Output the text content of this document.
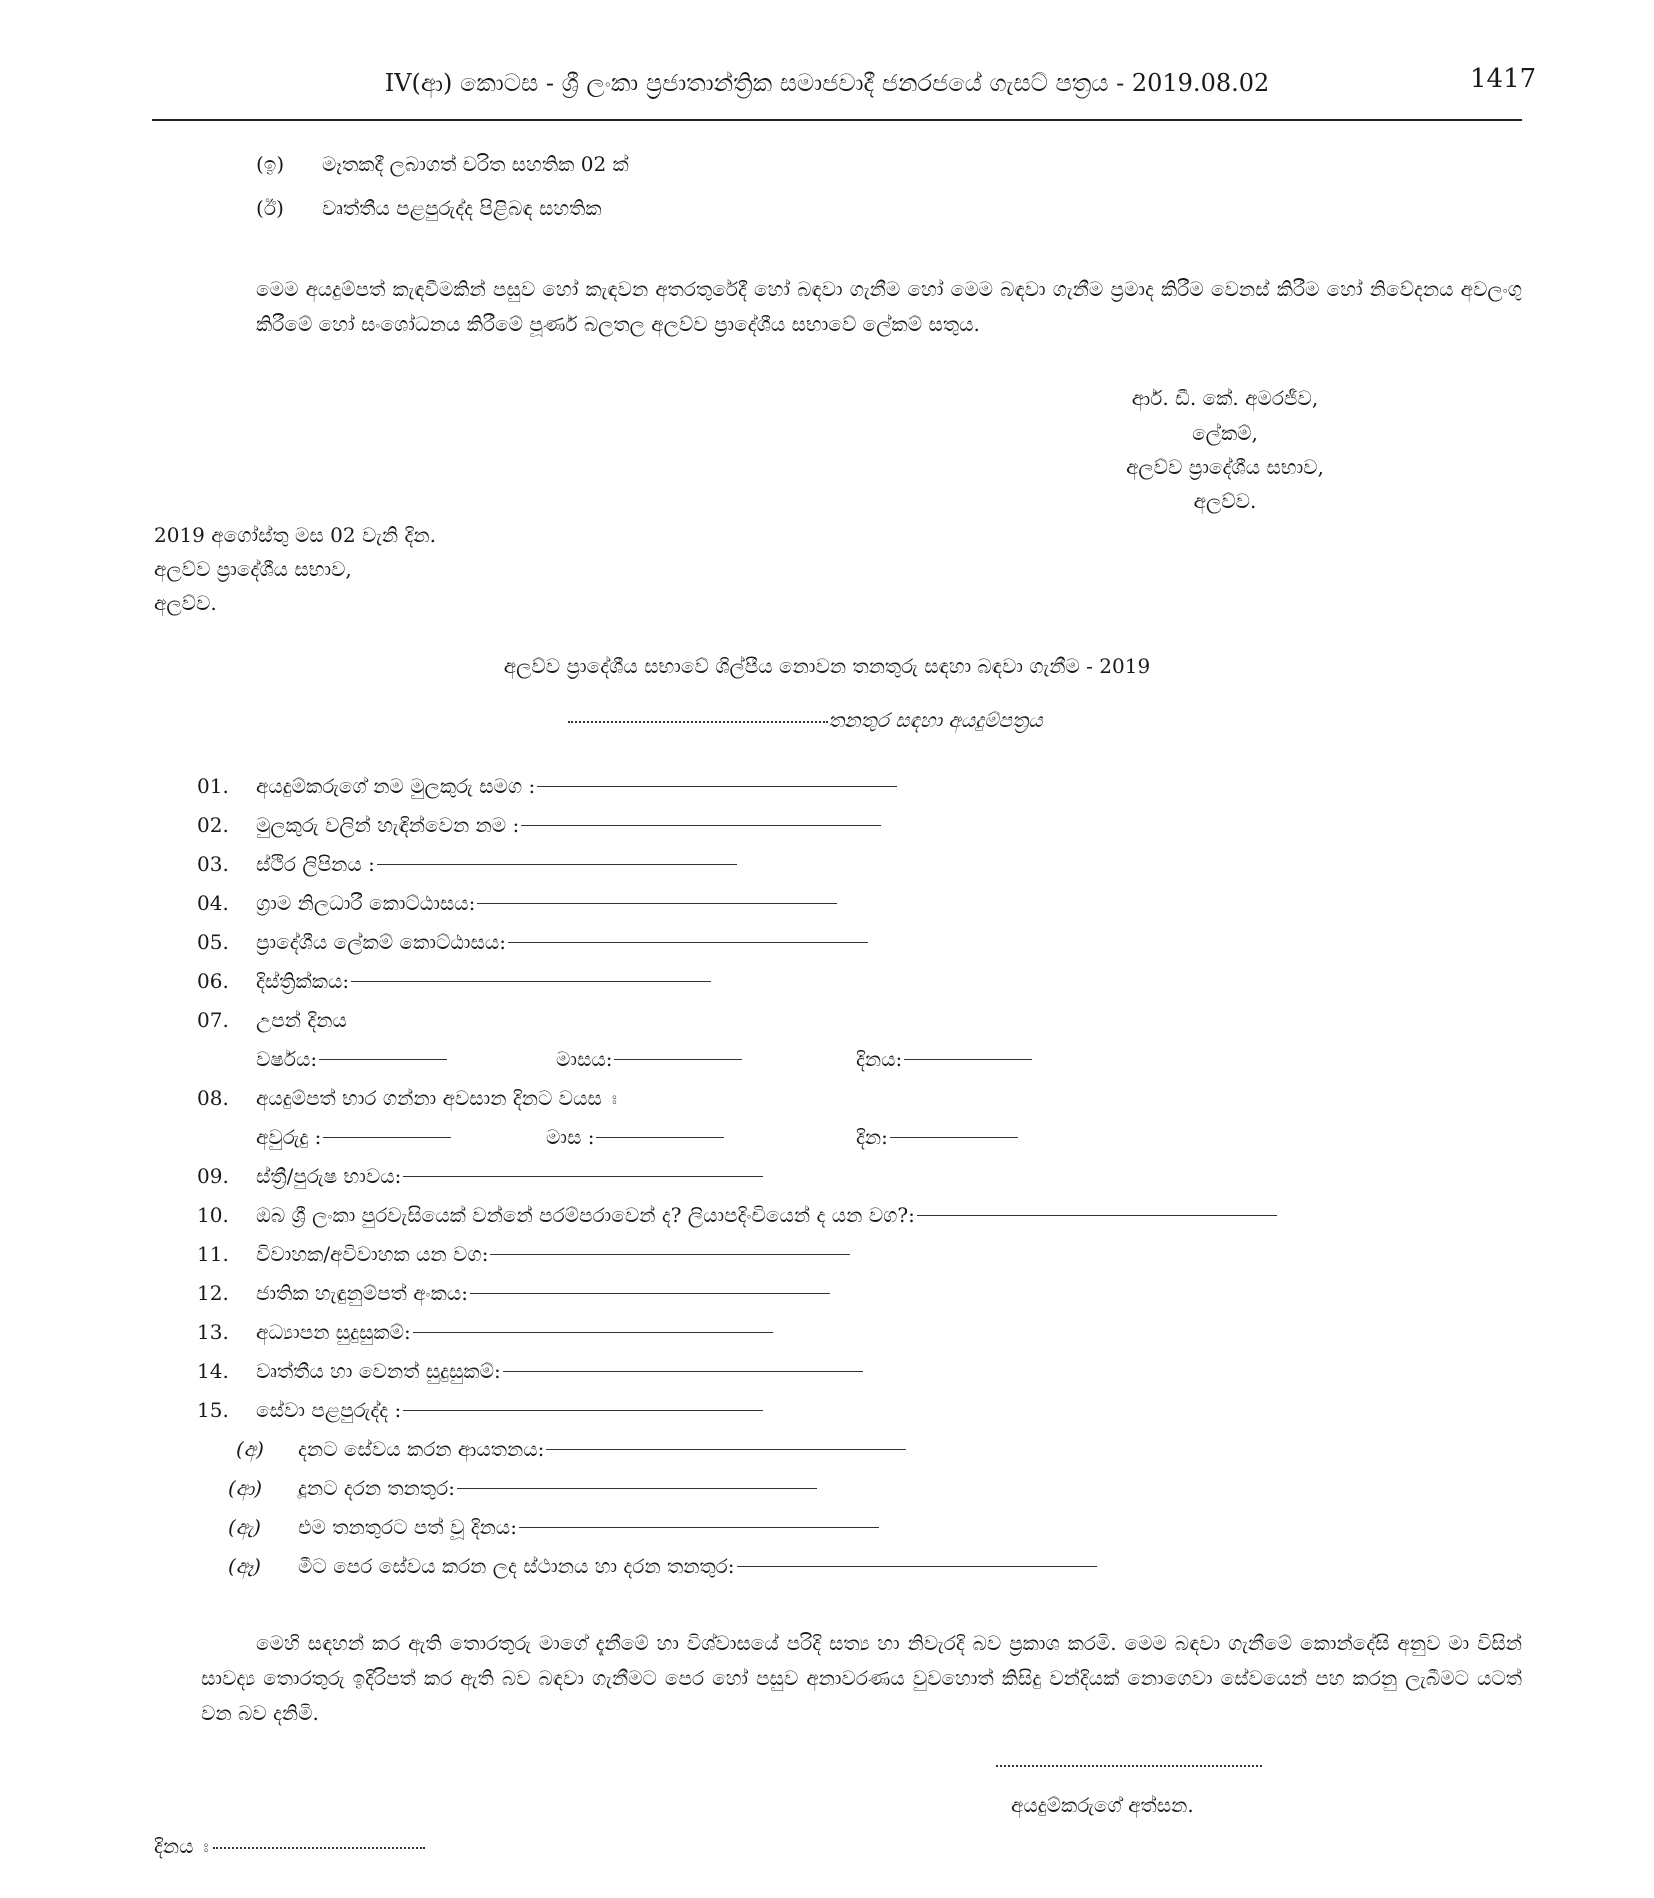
IV(ආ) කොටස - ශ්‍රී ලංකා ප්‍රජාතාන්ත්‍රික සමාජවාදී ජනරජයේ ගැසට් පත්‍රය - 2019.08.02	1417
(ඉ) මෑතකදී ලබාගත් චරිත සහතික 02 ක්
(ඊ) වෘත්තීය පළපුරුද්ද පිළිබඳ සහතික
මෙම අයදුම්පත් කැඳවීමකින් පසුව හෝ කැඳවන අතරතුරේදී හෝ බඳවා ගැනීම හෝ මෙම බඳවා ගැනීම ප්‍රමාද කිරීම වෙනස් කිරීම හෝ නිවේදනය අවලංගු කිරීමේ හෝ සංශෝධනය කිරීමේ පූර්ණ බලතල අලව්ව ප්‍රාදේශීය සභාවේ ලේකම් සතුය.
ආර්. ඩී. කේ. අමරජීව,
ලේකම්,
අලව්ව ප්‍රාදේශීය සභාව,
අලව්ව.
2019 අගෝස්තු මස 02 වැනි දින.
අලව්ව ප්‍රාදේශීය සභාව,
අලව්ව.
අලව්ව ප්‍රාදේශීය සභාවේ ශිල්පීය නොවන තනතුරු සඳහා බඳවා ගැනීම - 2019
තනතුර සඳහා අයදුම්පත්‍රය
01. අයදුම්කරුගේ නම මුලකුරු සමග :
02. මුලකුරු වලින් හැඳින්වෙන නම :
03. ස්ථිර ලිපිනය :
04. ග්‍රාම නිලධාරී කොට්ඨාසය:
05. ප්‍රාදේශීය ලේකම් කොට්ඨාසය:
06. දිස්ත්‍රික්කය:
07. උපන් දිනය
වර්ෂය:	මාසය:	දිනය:
08. අයදුම්පත් භාර ගන්නා අවසාන දිනට වයස ඃ
අවුරුදු :	මාස :	දින:
09. ස්ත්‍රී/පුරුෂ භාවය:
10. ඔබ ශ්‍රී ලංකා පුරවැසියෙක් වන්නේ පරම්පරාවෙන් ද? ලියාපදිංචියෙන් ද යන වග?:
11. විවාහක/අවිවාහක යන වග:
12. ජාතික හැඳුනුම්පත් අංකය:
13. අධ්‍යාපන සුදුසුකම්:
14. වෘත්තීය හා වෙනත් සුදුසුකම්:
15. සේවා පළපුරුද්ද :
(අ) දනට සේවය කරන ආයතනය:
(ආ) දූනට දරන තනතුර:
(ඇ) එම තනතුරට පත් වූ දිනය:
(ඈ) මීට පෙර සේවය කරන ලද ස්ථානය හා දරන තනතුර:
මෙහි සඳහන් කර ඇති තොරතුරු මාගේ දැනීමේ හා විශ්වාසයේ පරිදි සත්‍ය හා නිවැරදි බව ප්‍රකාශ කරමි. මෙම බඳවා ගැනීමේ කොන්දේසි අනුව මා විසින් සාවද්‍ය තොරතුරු ඉදිරිපත් කර ඇති බව බඳවා ගැනීමට පෙර හෝ පසුව අනාවරණය වුවහොත් කිසිදු වන්දියක් නොගෙවා සේවයෙන් පහ කරනු ලැබීමට යටත් වන බව දනිමි.
අයදුම්කරුගේ අත්සන.
දිනය ඃ
